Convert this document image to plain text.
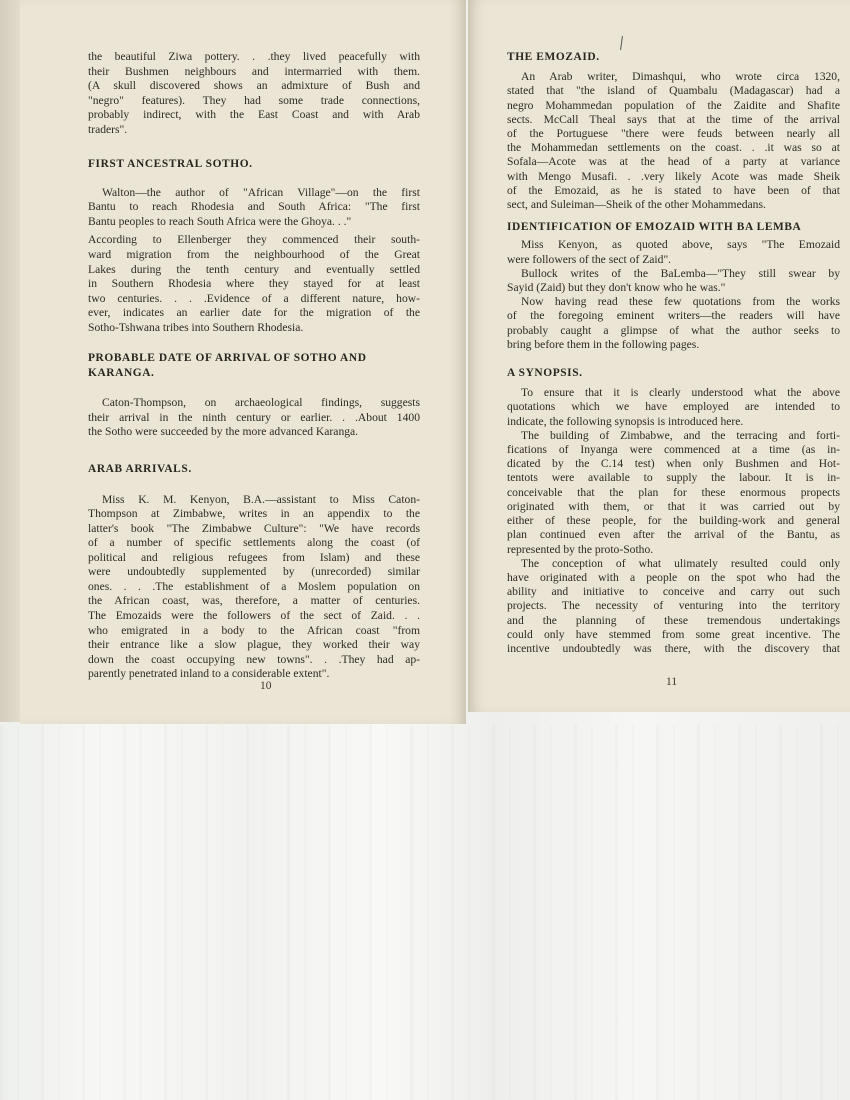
the beautiful Ziwa pottery. . .they lived peacefully with
their Bushmen neighbours and intermarried with them.
(A skull discovered shows an admixture of Bush and
"negro" features). They had some trade connections,
probably indirect, with the East Coast and with Arab
traders".
FIRST ANCESTRAL SOTHO.
Walton—the author of "African Village"—on the first
Bantu to reach Rhodesia and South Africa: "The first
Bantu peoples to reach South Africa were the Ghoya. . ."
According to Ellenberger they commenced their south-
ward migration from the neighbourhood of the Great
Lakes during the tenth century and eventually settled
in Southern Rhodesia where they stayed for at least
two centuries. . . .Evidence of a different nature, how-
ever, indicates an earlier date for the migration of the
Sotho-Tshwana tribes into Southern Rhodesia.
PROBABLE DATE OF ARRIVAL OF SOTHO AND
KARANGA.
Caton-Thompson, on archaeological findings, suggests
their arrival in the ninth century or earlier. . .About 1400
the Sotho were succeeded by the more advanced Karanga.
ARAB ARRIVALS.
Miss K. M. Kenyon, B.A.—assistant to Miss Caton-
Thompson at Zimbabwe, writes in an appendix to the
latter's book "The Zimbabwe Culture": "We have records
of a number of specific settlements along the coast (of
political and religious refugees from Islam) and these
were undoubtedly supplemented by (unrecorded) similar
ones. . . .The establishment of a Moslem population on
the African coast, was, therefore, a matter of centuries.
The Emozaids were the followers of the sect of Zaid. . .
who emigrated in a body to the African coast "from
their entrance like a slow plague, they worked their way
down the coast occupying new towns". . .They had ap-
parently penetrated inland to a considerable extent".
10
THE EMOZAID.
An Arab writer, Dimashqui, who wrote circa 1320,
stated that "the island of Quambalu (Madagascar) had a
negro Mohammedan population of the Zaidite and Shafite
sects. McCall Theal says that at the time of the arrival
of the Portuguese "there were feuds between nearly all
the Mohammedan settlements on the coast. . .it was so at
Sofala—Acote was at the head of a party at variance
with Mengo Musafi. . .very likely Acote was made Sheik
of the Emozaid, as he is stated to have been of that
sect, and Suleiman—Sheik of the other Mohammedans.
IDENTIFICATION OF EMOZAID WITH BA LEMBA
Miss Kenyon, as quoted above, says "The Emozaid
were followers of the sect of Zaid".
Bullock writes of the BaLemba—"They still swear by
Sayid (Zaid) but they don't know who he was."
Now having read these few quotations from the works
of the foregoing eminent writers—the readers will have
probably caught a glimpse of what the author seeks to
bring before them in the following pages.
A SYNOPSIS.
To ensure that it is clearly understood what the above
quotations which we have employed are intended to
indicate, the following synopsis is introduced here.
The building of Zimbabwe, and the terracing and forti-
fications of Inyanga were commenced at a time (as in-
dicated by the C.14 test) when only Bushmen and Hot-
tentots were available to supply the labour. It is in-
conceivable that the plan for these enormous propects
originated with them, or that it was carried out by
either of these people, for the building-work and general
plan continued even after the arrival of the Bantu, as
represented by the proto-Sotho.
The conception of what ulimately resulted could only
have originated with a people on the spot who had the
ability and initiative to conceive and carry out such
projects. The necessity of venturing into the territory
and the planning of these tremendous undertakings
could only have stemmed from some great incentive. The
incentive undoubtedly was there, with the discovery that
11
